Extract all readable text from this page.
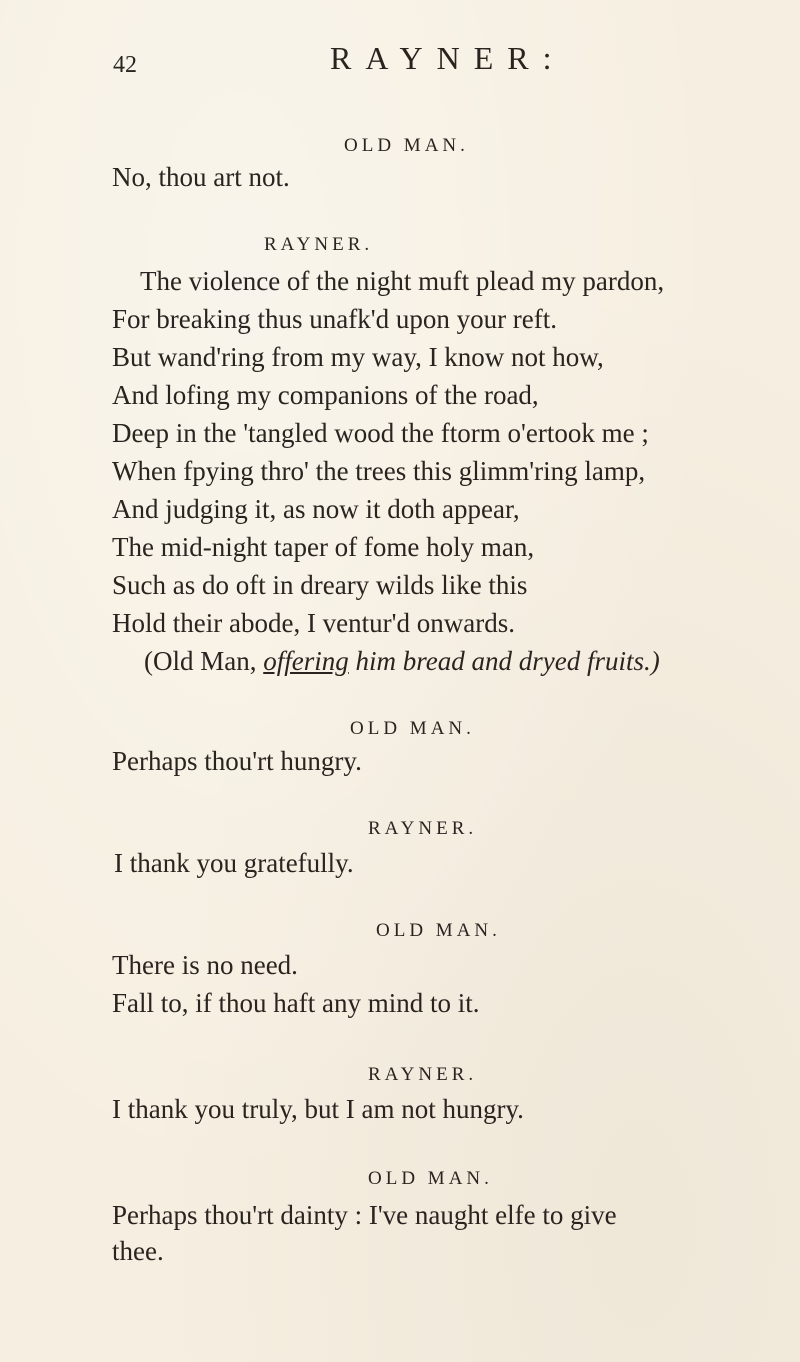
42	RAYNER:
OLD MAN.
No, thou art not.
RAYNER.
The violence of the night muft plead my pardon,
For breaking thus unafk'd upon your reft.
But wand'ring from my way, I know not how,
And lofing my companions of the road,
Deep in the 'tangled wood the ftorm o'ertook me ;
When fpying thro' the trees this glimm'ring lamp,
And judging it, as now it doth appear,
The mid-night taper of fome holy man,
Such as do oft in dreary wilds like this
Hold their abode, I ventur'd onwards.
(Old Man, offering him bread and dryed fruits.)
OLD MAN.
Perhaps thou'rt hungry.
RAYNER.
I thank you gratefully.
OLD MAN.
There is no need.
Fall to, if thou haft any mind to it.
RAYNER.
I thank you truly, but I am not hungry.
OLD MAN.
Perhaps thou'rt dainty : I've naught elfe to give
thee.
